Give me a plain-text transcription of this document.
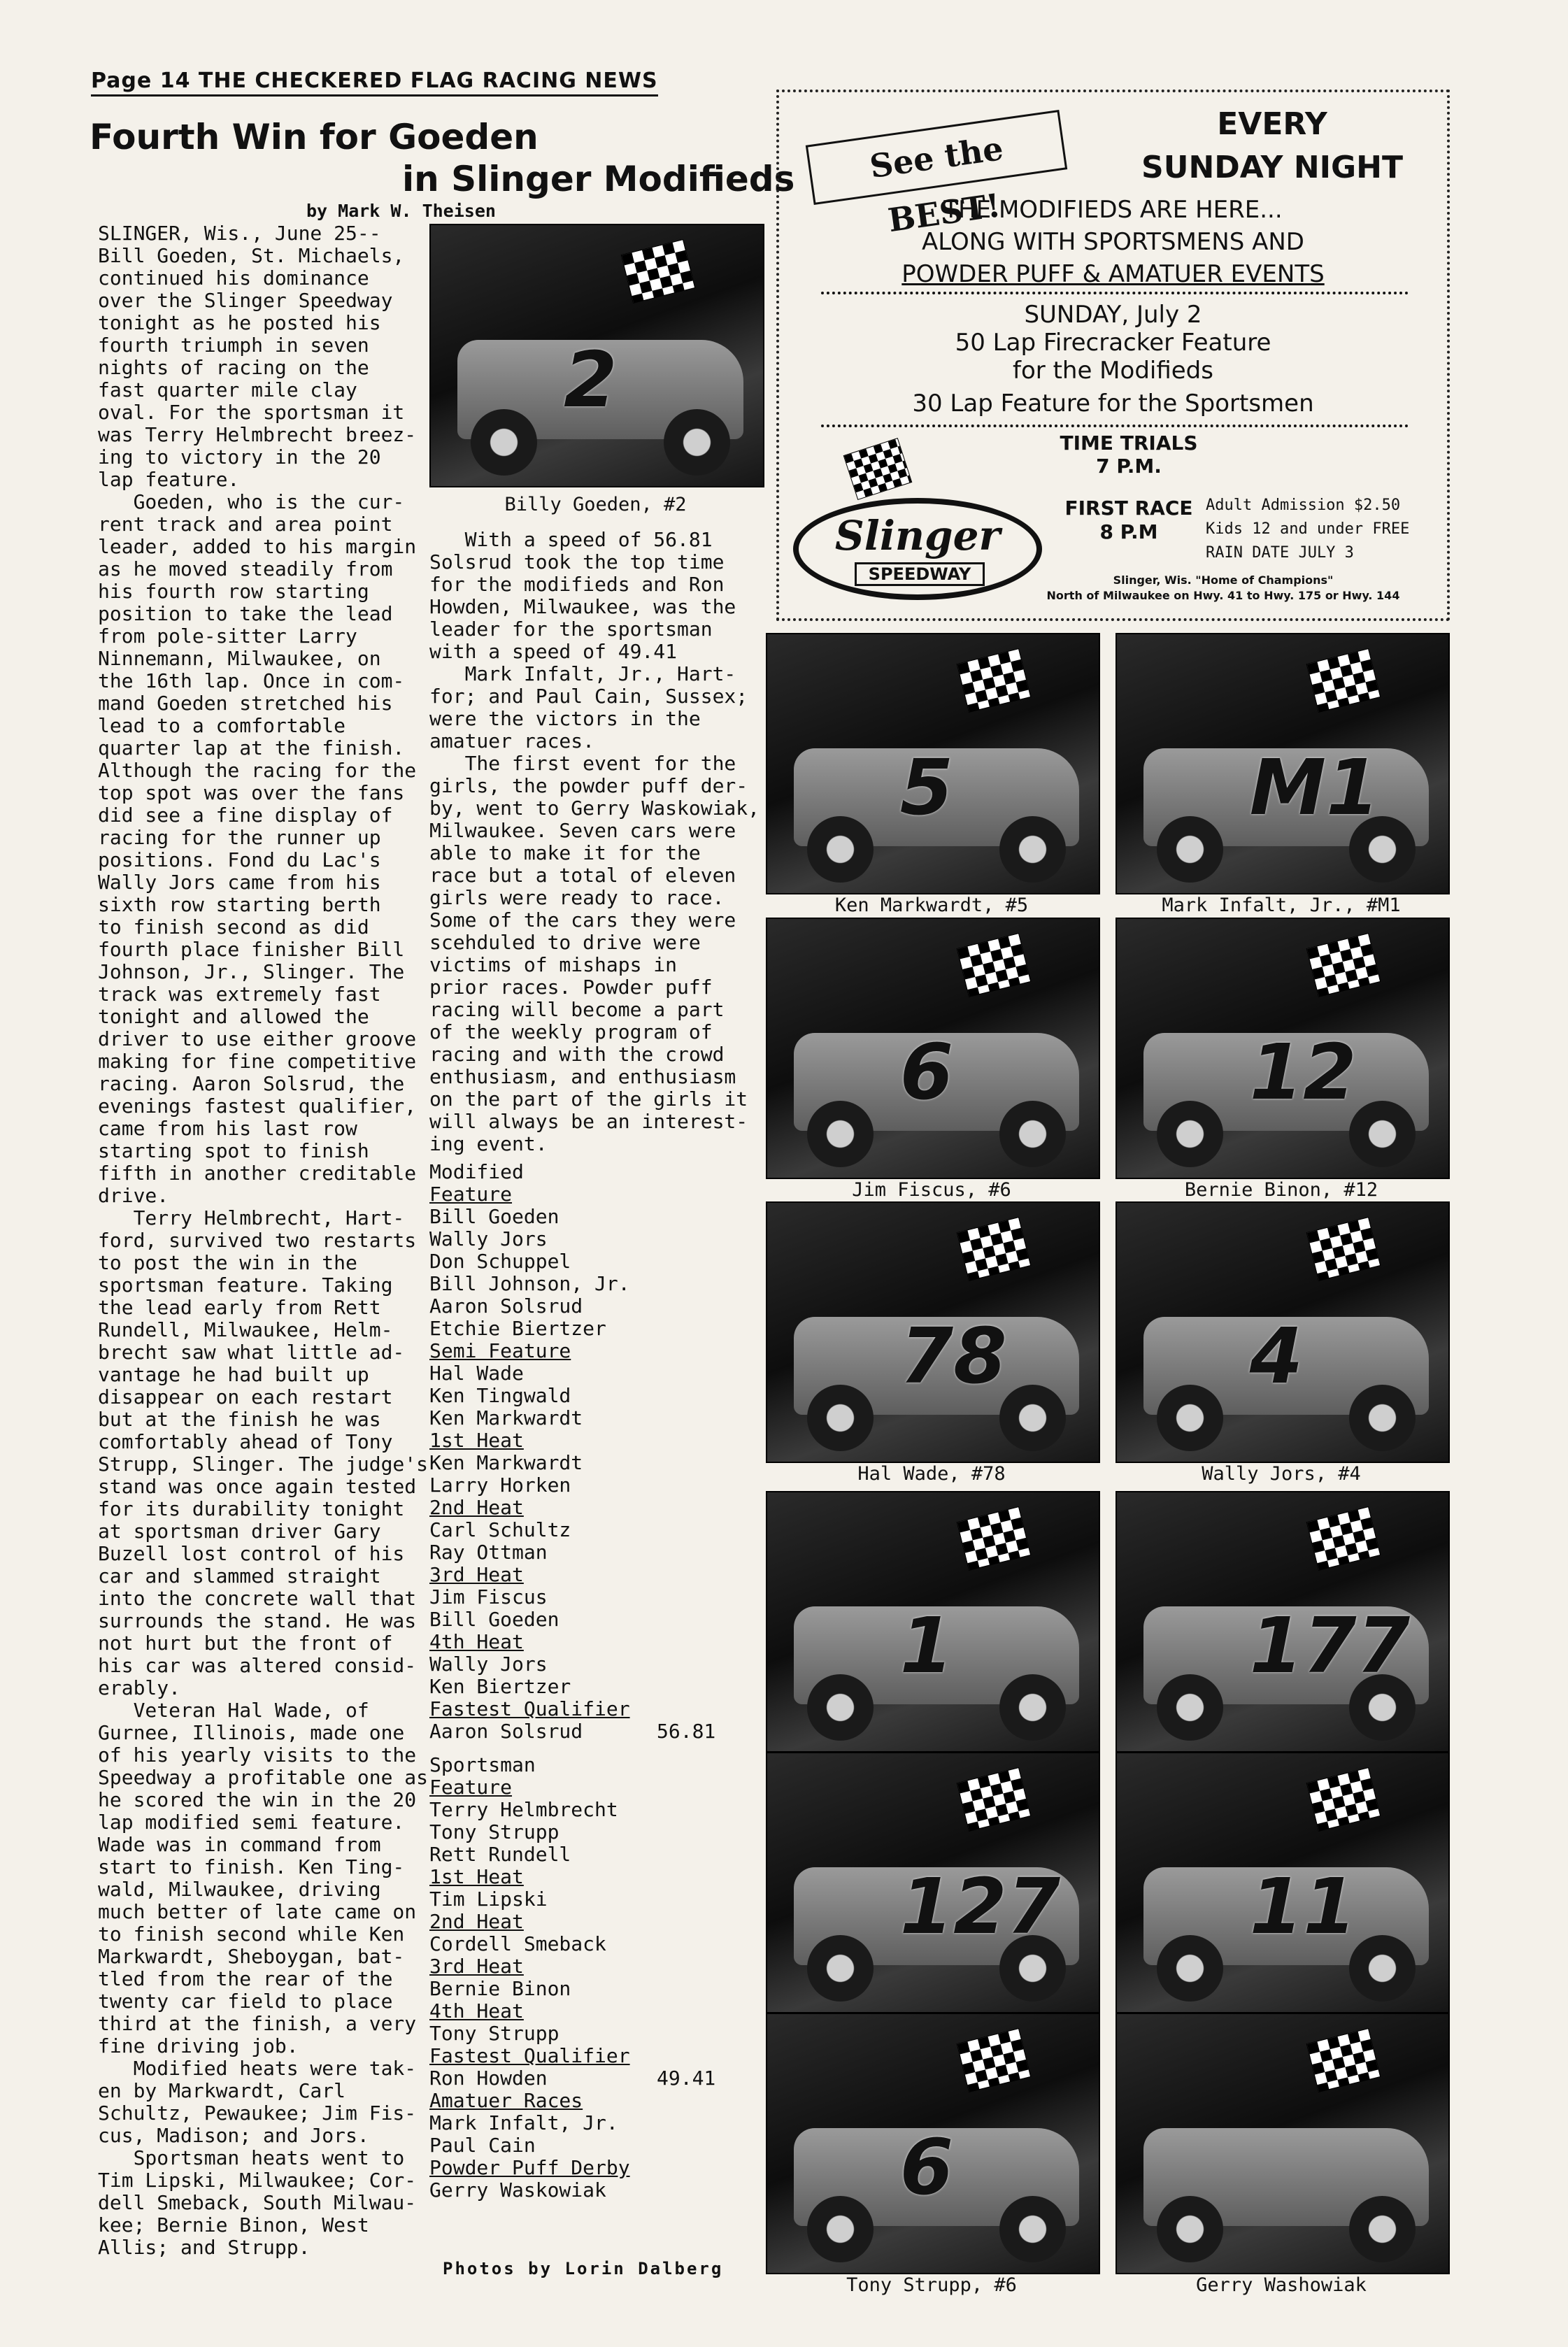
Page 14 THE CHECKERED FLAG RACING NEWS
Fourth Win for Goeden
in Slinger Modifieds
by Mark W. Theisen
SLINGER, Wis., June 25--
Bill Goeden, St. Michaels,
continued his dominance
over the Slinger Speedway
tonight as he posted his
fourth triumph in seven
nights of racing on the
fast quarter mile clay
oval. For the sportsman it
was Terry Helmbrecht breez-
ing to victory in the 20
lap feature.
Goeden, who is the cur-
rent track and area point
leader, added to his margin
as he moved steadily from
his fourth row starting
position to take the lead
from pole-sitter Larry
Ninnemann, Milwaukee, on
the 16th lap. Once in com-
mand Goeden stretched his
lead to a comfortable
quarter lap at the finish.
Although the racing for the
top spot was over the fans
did see a fine display of
racing for the runner up
positions. Fond du Lac's
Wally Jors came from his
sixth row starting berth
to finish second as did
fourth place finisher Bill
Johnson, Jr., Slinger. The
track was extremely fast
tonight and allowed the
driver to use either groove
making for fine competitive
racing. Aaron Solsrud, the
evenings fastest qualifier,
came from his last row
starting spot to finish
fifth in another creditable
drive.
Terry Helmbrecht, Hart-
ford, survived two restarts
to post the win in the
sportsman feature. Taking
the lead early from Rett
Rundell, Milwaukee, Helm-
brecht saw what little ad-
vantage he had built up
disappear on each restart
but at the finish he was
comfortably ahead of Tony
Strupp, Slinger. The judge's
stand was once again tested
for its durability tonight
at sportsman driver Gary
Buzell lost control of his
car and slammed straight
into the concrete wall that
surrounds the stand. He was
not hurt but the front of
his car was altered consid-
erably.
Veteran Hal Wade, of
Gurnee, Illinois, made one
of his yearly visits to the
Speedway a profitable one as
he scored the win in the 20
lap modified semi feature.
Wade was in command from
start to finish. Ken Ting-
wald, Milwaukee, driving
much better of late came on
to finish second while Ken
Markwardt, Sheboygan, bat-
tled from the rear of the
twenty car field to place
third at the finish, a very
fine driving job.
Modified heats were tak-
en by Markwardt, Carl
Schultz, Pewaukee; Jim Fis-
cus, Madison; and Jors.
Sportsman heats went to
Tim Lipski, Milwaukee; Cor-
dell Smeback, South Milwau-
kee; Bernie Binon, West
Allis; and Strupp.
2
Billy Goeden, #2
With a speed of 56.81
Solsrud took the top time
for the modifieds and Ron
Howden, Milwaukee, was the
leader for the sportsman
with a speed of 49.41
Mark Infalt, Jr., Hart-
for; and Paul Cain, Sussex;
were the victors in the
amatuer races.
The first event for the
girls, the powder puff der-
by, went to Gerry Waskowiak,
Milwaukee. Seven cars were
able to make it for the
race but a total of eleven
girls were ready to race.
Some of the cars they were
scehduled to drive were
victims of mishaps in
prior races. Powder puff
racing will become a part
of the weekly program of
racing and with the crowd
enthusiasm, and enthusiasm
on the part of the girls it
will always be an interest-
ing event.
Modified
Feature
Bill Goeden
Wally Jors
Don Schuppel
Bill Johnson, Jr.
Aaron Solsrud
Etchie Biertzer
Semi Feature
Hal Wade
Ken Tingwald
Ken Markwardt
1st Heat
Ken Markwardt
Larry Horken
2nd Heat
Carl Schultz
Ray Ottman
3rd Heat
Jim Fiscus
Bill Goeden
4th Heat
Wally Jors
Ken Biertzer
Fastest Qualifier
Aaron Solsrud	56.81
Sportsman
Feature
Terry Helmbrecht
Tony Strupp
Rett Rundell
1st Heat
Tim Lipski
2nd Heat
Cordell Smeback
3rd Heat
Bernie Binon
4th Heat
Tony Strupp
Fastest Qualifier
Ron Howden	49.41
Amatuer Races
Mark Infalt, Jr.
Paul Cain
Powder Puff Derby
Gerry Waskowiak
See the BEST!
EVERY
SUNDAY NIGHT
THE MODIFIEDS ARE HERE...
ALONG WITH SPORTSMENS AND
POWDER PUFF & AMATUER EVENTS
SUNDAY, July 2
50 Lap Firecracker Feature
for the Modifieds
30 Lap Feature for the Sportsmen
TIME TRIALS
7 P.M.
FIRST RACE
8 P.M
Adult Admission $2.50
Kids 12 and under FREE
RAIN DATE JULY 3
Slinger
SPEEDWAY	Slinger, Wis. "Home of Champions"
North of Milwaukee on Hwy. 41 to Hwy. 175 or Hwy. 144
5
Ken Markwardt, #5
M1
Mark Infalt, Jr., #M1
6
Jim Fiscus, #6
12
Bernie Binon, #12
78
Hal Wade, #78
4
Wally Jors, #4
1	177
127 11
6
Tony Strupp, #6	Gerry Washowiak
Photos by Lorin Dalberg
